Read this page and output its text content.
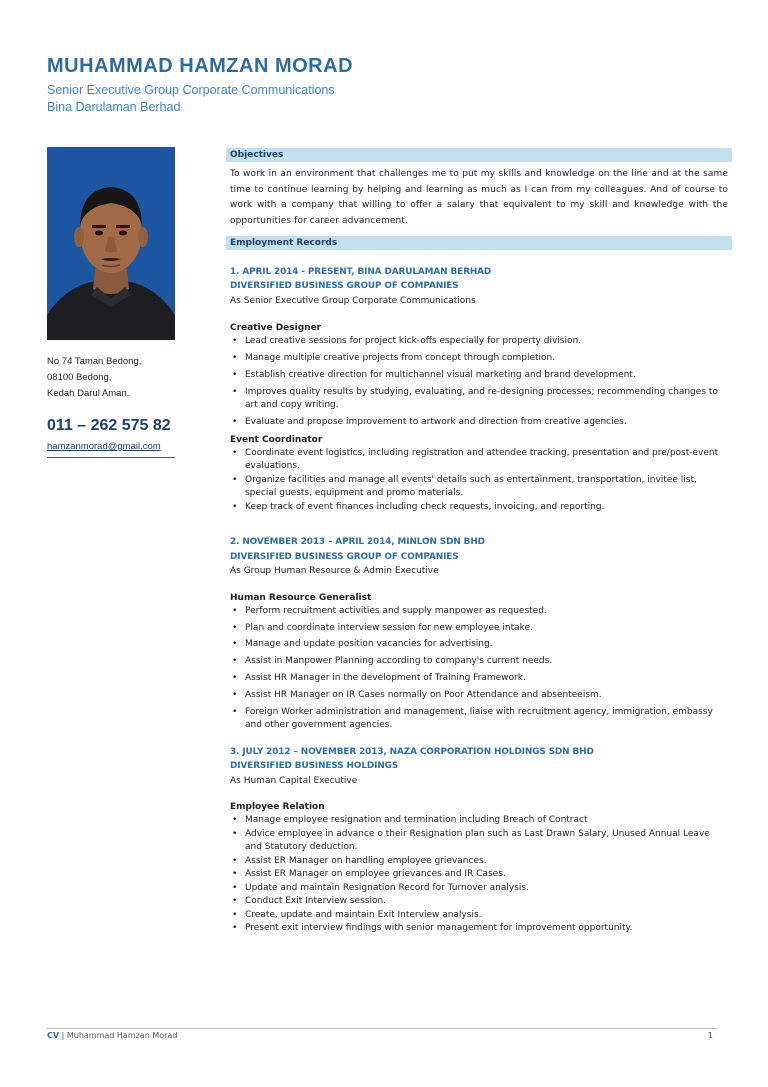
MUHAMMAD HAMZAN MORAD

Senior Executive Group Corporate Communications

Bina Darulaman Berhad

No 74 Taman Bedong,
08100 Bedong,
Kedah Darul Aman.
011 – 262 575 82
hamzanmorad@gmail.com
Objectives

To work in an environment that challenges me to put my skills and knowledge on the line and at the same time to continue learning by helping and learning as much as I can from my colleagues. And of course to work with a company that willing to offer a salary that equivalent to my skill and knowledge with the opportunities for career advancement.

Employment Records
1. APRIL 2014 - PRESENT, BINA DARULAMAN BERHAD
DIVERSIFIED BUSINESS GROUP OF COMPANIES
As Senior Executive Group Corporate Communications
Creative Designer
• Lead creative sessions for project kick-offs especially for property division.
• Manage multiple creative projects from concept through completion.
• Establish creative direction for multichannel visual marketing and brand development.
• Improves quality results by studying, evaluating, and re-designing processes; recommending changes to art and copy writing.
• Evaluate and propose improvement to artwork and direction from creative agencies.
Event Coordinator
• Coordinate event logistics, including registration and attendee tracking, presentation and pre/post-event evaluations.
• Organize facilities and manage all events' details such as entertainment, transportation, invitee list, special guests, equipment and promo materials.
• Keep track of event finances including check requests, invoicing, and reporting.
2. NOVEMBER 2013 – APRIL 2014, MINLON SDN BHD
DIVERSIFIED BUSINESS GROUP OF COMPANIES
As Group Human Resource & Admin Executive
Human Resource Generalist
• Perform recruitment activities and supply manpower as requested.
• Plan and coordinate interview session for new employee intake.
• Manage and update position vacancies for advertising.
• Assist in Manpower Planning according to company's current needs.
• Assist HR Manager in the development of Training Framework.
• Assist HR Manager on IR Cases normally on Poor Attendance and absenteeism.
• Foreign Worker administration and management, liaise with recruitment agency, immigration, embassy and other government agencies.
3. JULY 2012 – NOVEMBER 2013, NAZA CORPORATION HOLDINGS SDN BHD
DIVERSIFIED BUSINESS HOLDINGS
As Human Capital Executive
Employee Relation
• Manage employee resignation and termination including Breach of Contract
• Advice employee in advance o their Resignation plan such as Last Drawn Salary, Unused Annual Leave and Statutory deduction.
• Assist ER Manager on handling employee grievances.
• Assist ER Manager on employee grievances and IR Cases.
• Update and maintain Resignation Record for Turnover analysis.
• Conduct Exit Interview session.
• Create, update and maintain Exit Interview analysis.
• Present exit interview findings with senior management for improvement opportunity.
CV | Muhammad Hamzan Morad	1
